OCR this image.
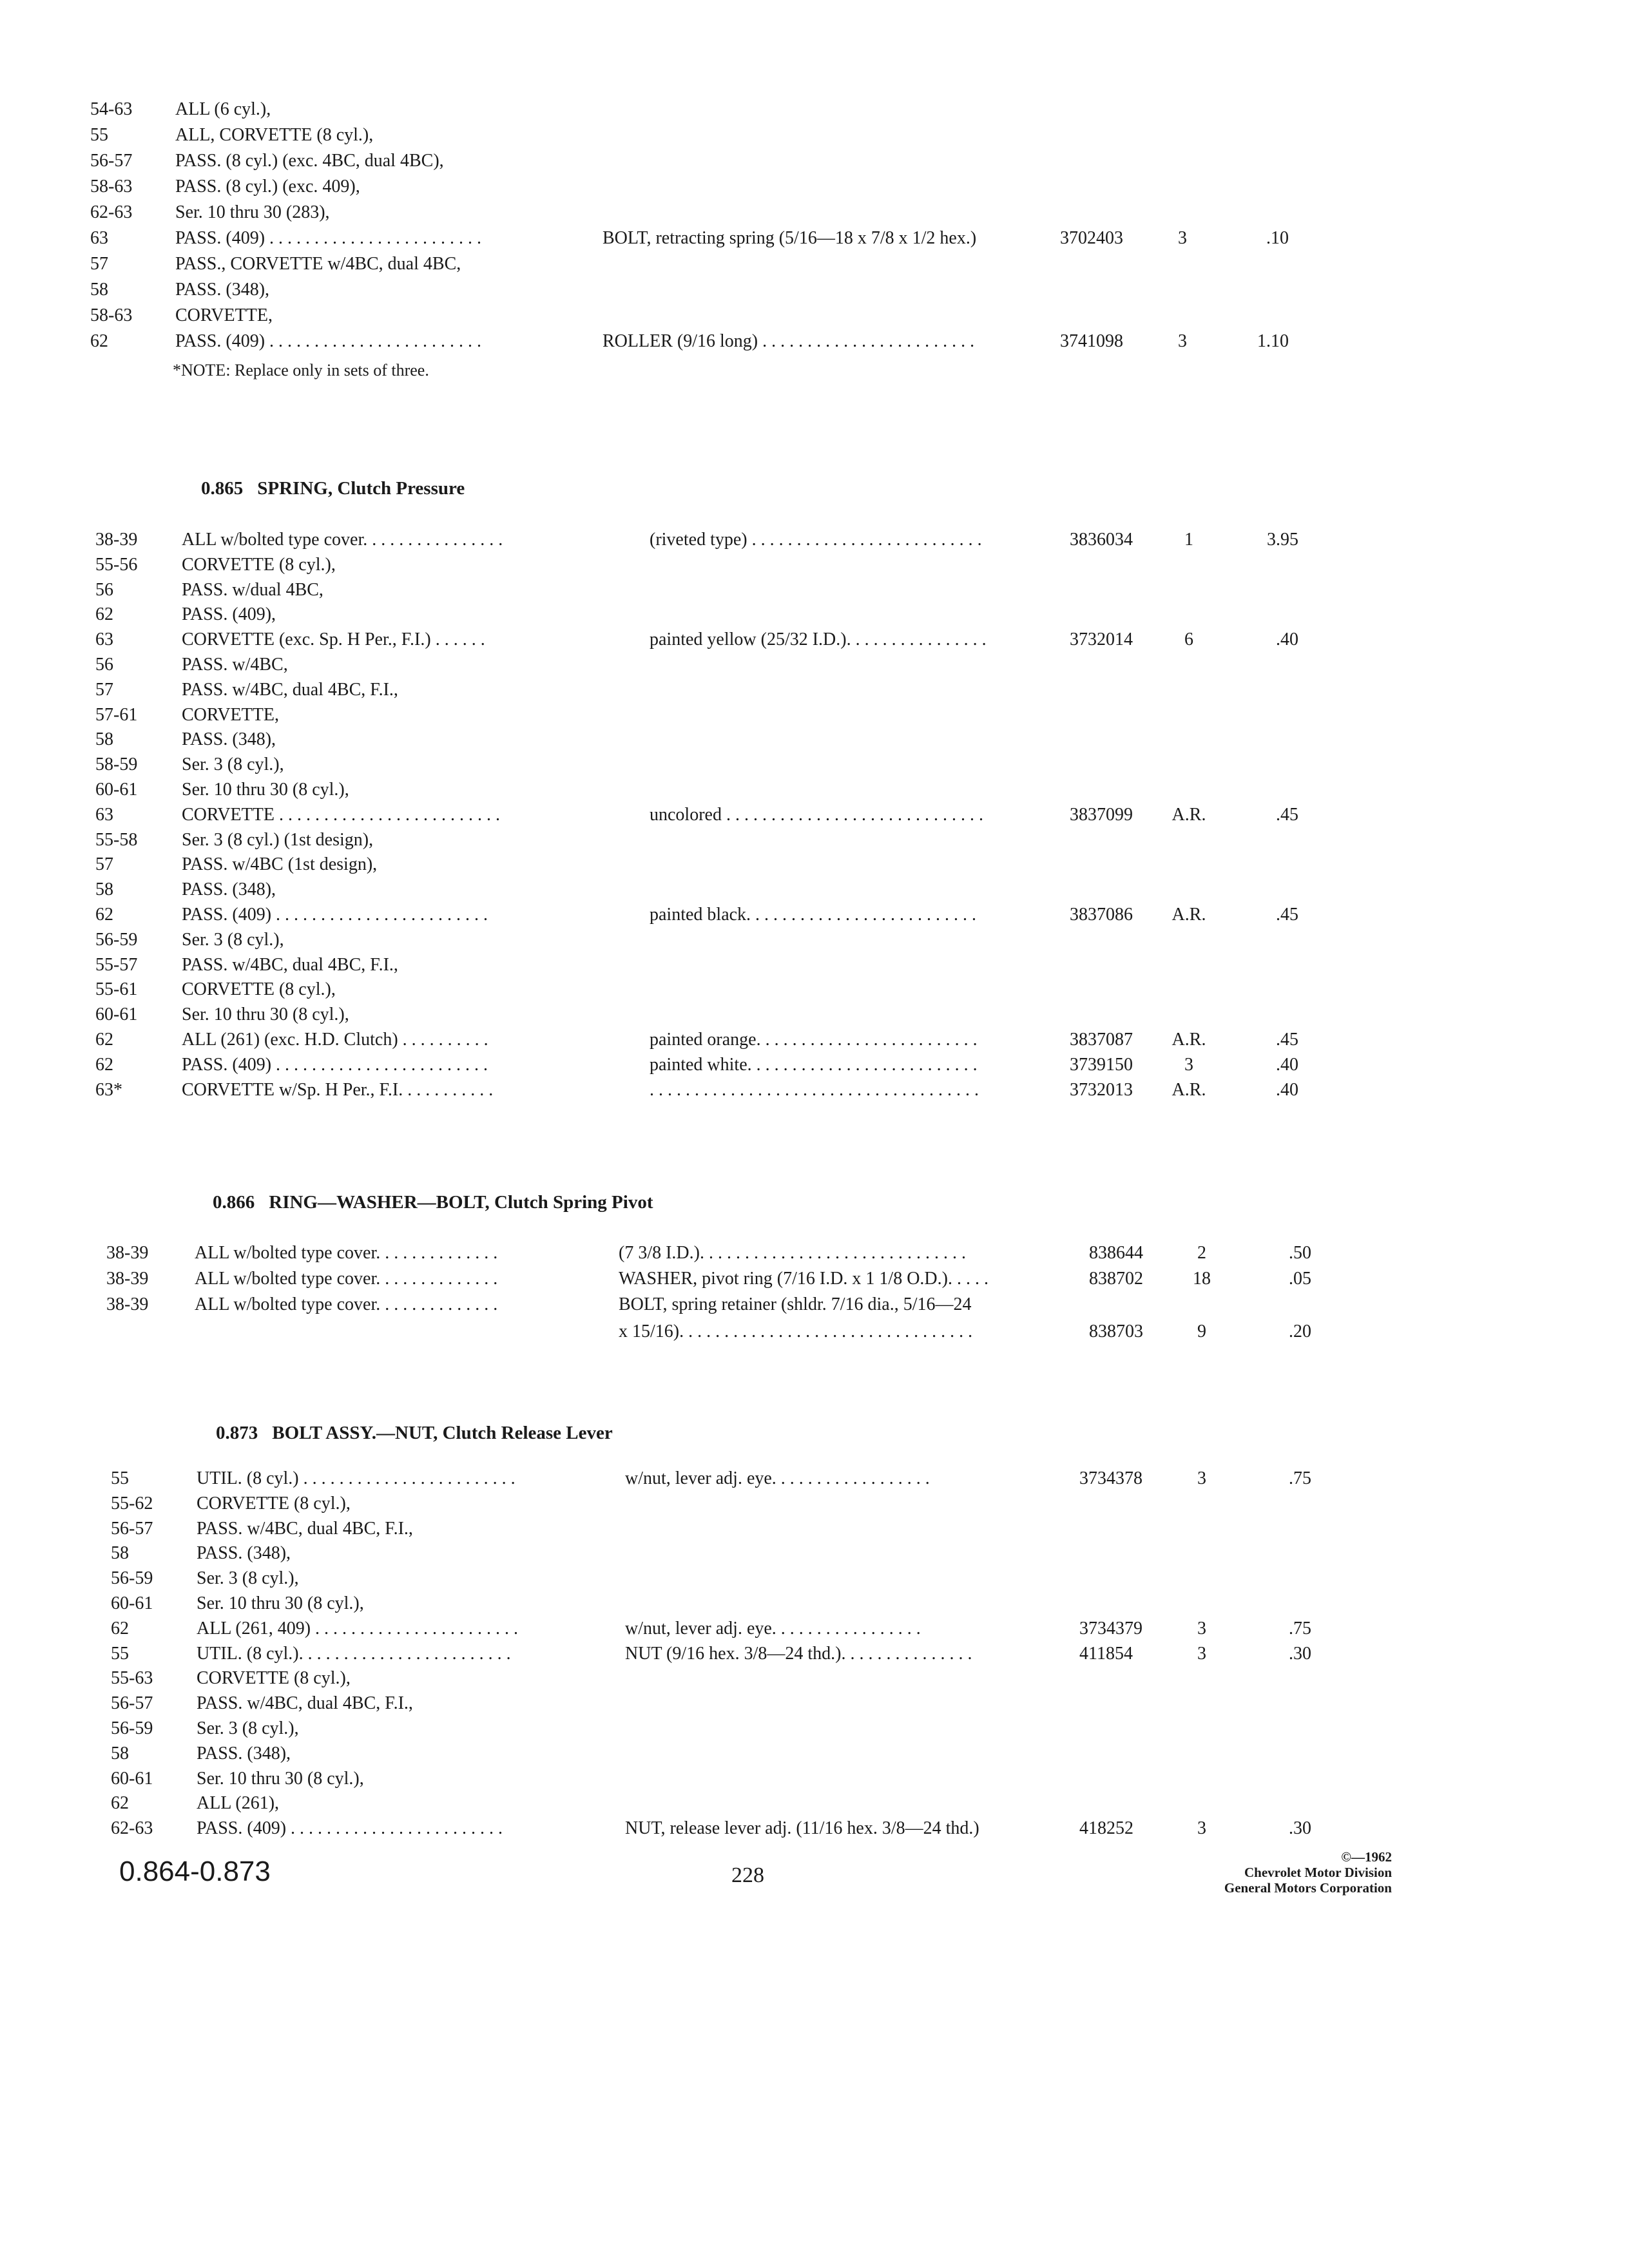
54-63	ALL (6 cyl.),
55	ALL, CORVETTE (8 cyl.),
56-57	PASS. (8 cyl.) (exc. 4BC, dual 4BC),
58-63	PASS. (8 cyl.) (exc. 409),
62-63	Ser. 10 thru 30 (283),
63	PASS. (409) . . . . . . . . . . . . . . . . . . . . . . . .	BOLT, retracting spring (5/16—18 x 7/8 x 1/2 hex.)	3702403	3	.10
57	PASS., CORVETTE w/4BC, dual 4BC,
58	PASS. (348),
58-63	CORVETTE,
62	PASS. (409) . . . . . . . . . . . . . . . . . . . . . . . .	ROLLER (9/16 long) . . . . . . . . . . . . . . . . . . . . . . . .	3741098	3	1.10
*NOTE: Replace only in sets of three.
0.865 SPRING, Clutch Pressure
38-39	ALL w/bolted type cover. . . . . . . . . . . . . . . .	(riveted type) . . . . . . . . . . . . . . . . . . . . . . . . . .	3836034	1	3.95
55-56	CORVETTE (8 cyl.),
56	PASS. w/dual 4BC,
62	PASS. (409),
63	CORVETTE (exc. Sp. H Per., F.I.) . . . . . .	painted yellow (25/32 I.D.). . . . . . . . . . . . . . . .	3732014	6	.40
56	PASS. w/4BC,
57	PASS. w/4BC, dual 4BC, F.I.,
57-61	CORVETTE,
58	PASS. (348),
58-59	Ser. 3 (8 cyl.),
60-61	Ser. 10 thru 30 (8 cyl.),
63	CORVETTE . . . . . . . . . . . . . . . . . . . . . . . . .	uncolored . . . . . . . . . . . . . . . . . . . . . . . . . . . . .	3837099	A.R.	.45
55-58	Ser. 3 (8 cyl.) (1st design),
57	PASS. w/4BC (1st design),
58	PASS. (348),
62	PASS. (409) . . . . . . . . . . . . . . . . . . . . . . . .	painted black. . . . . . . . . . . . . . . . . . . . . . . . . .	3837086	A.R.	.45
56-59	Ser. 3 (8 cyl.),
55-57	PASS. w/4BC, dual 4BC, F.I.,
55-61	CORVETTE (8 cyl.),
60-61	Ser. 10 thru 30 (8 cyl.),
62	ALL (261) (exc. H.D. Clutch) . . . . . . . . . .	painted orange. . . . . . . . . . . . . . . . . . . . . . . . .	3837087	A.R.	.45
62	PASS. (409) . . . . . . . . . . . . . . . . . . . . . . . .	painted white. . . . . . . . . . . . . . . . . . . . . . . . . .	3739150	3	.40
63*	CORVETTE w/Sp. H Per., F.I. . . . . . . . . . .	. . . . . . . . . . . . . . . . . . . . . . . . . . . . . . . . . . . . .	3732013	A.R.	.40
0.866 RING—WASHER—BOLT, Clutch Spring Pivot
38-39	ALL w/bolted type cover. . . . . . . . . . . . . .	(7 3/8 I.D.). . . . . . . . . . . . . . . . . . . . . . . . . . . . . .	838644	2	.50
38-39	ALL w/bolted type cover. . . . . . . . . . . . . .	WASHER, pivot ring (7/16 I.D. x 1 1/8 O.D.). . . . .	838702	18	.05
38-39	ALL w/bolted type cover. . . . . . . . . . . . . .	BOLT, spring retainer (shldr. 7/16 dia., 5/16—24
x 15/16). . . . . . . . . . . . . . . . . . . . . . . . . . . . . . . . .	838703	9	.20
0.873 BOLT ASSY.—NUT, Clutch Release Lever
55	UTIL. (8 cyl.) . . . . . . . . . . . . . . . . . . . . . . . .	w/nut, lever adj. eye. . . . . . . . . . . . . . . . . .	3734378	3	.75
55-62	CORVETTE (8 cyl.),
56-57	PASS. w/4BC, dual 4BC, F.I.,
58	PASS. (348),
56-59	Ser. 3 (8 cyl.),
60-61	Ser. 10 thru 30 (8 cyl.),
62	ALL (261, 409) . . . . . . . . . . . . . . . . . . . . . . .	w/nut, lever adj. eye. . . . . . . . . . . . . . . . .	3734379	3	.75
55	UTIL. (8 cyl.). . . . . . . . . . . . . . . . . . . . . . . .	NUT (9/16 hex. 3/8—24 thd.). . . . . . . . . . . . . . .	411854	3	.30
55-63	CORVETTE (8 cyl.),
56-57	PASS. w/4BC, dual 4BC, F.I.,
56-59	Ser. 3 (8 cyl.),
58	PASS. (348),
60-61	Ser. 10 thru 30 (8 cyl.),
62	ALL (261),
62-63	PASS. (409) . . . . . . . . . . . . . . . . . . . . . . . .	NUT, release lever adj. (11/16 hex. 3/8—24 thd.)	418252	3	.30
0.864-0.873	228
©—1962
Chevrolet Motor Division
General Motors Corporation
